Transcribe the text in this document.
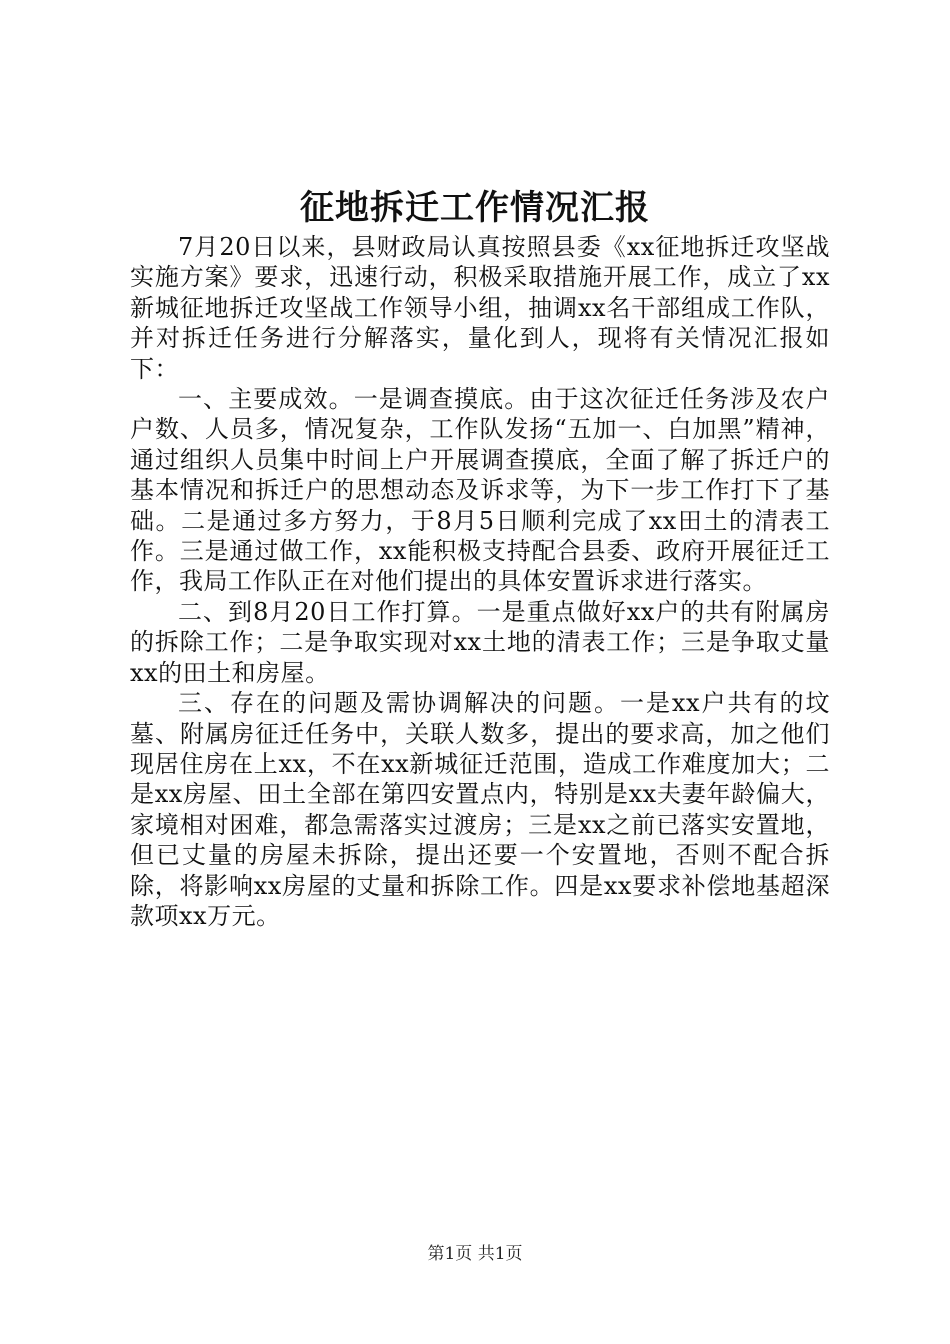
征地拆迁工作情况汇报

7月20日以来，县财政局认真按照县委《xx征地拆迁攻坚战实施方案》要求，迅速行动，积极采取措施开展工作，成立了xx新城征地拆迁攻坚战工作领导小组，抽调xx名干部组成工作队，并对拆迁任务进行分解落实，量化到人，现将有关情况汇报如下：

一、主要成效。一是调查摸底。由于这次征迁任务涉及农户户数、人员多，情况复杂，工作队发扬“五加一、白加黑”精神，通过组织人员集中时间上户开展调查摸底，全面了解了拆迁户的基本情况和拆迁户的思想动态及诉求等，为下一步工作打下了基础。二是通过多方努力，于8月5日顺利完成了xx田土的清表工作。三是通过做工作，xx能积极支持配合县委、政府开展征迁工作，我局工作队正在对他们提出的具体安置诉求进行落实。

二、到8月20日工作打算。一是重点做好xx户的共有附属房的拆除工作；二是争取实现对xx土地的清表工作；三是争取丈量xx的田土和房屋。

三、存在的问题及需协调解决的问题。一是xx户共有的坟墓、附属房征迁任务中，关联人数多，提出的要求高，加之他们现居住房在上xx，不在xx新城征迁范围，造成工作难度加大；二是xx房屋、田土全部在第四安置点内，特别是xx夫妻年龄偏大，家境相对困难，都急需落实过渡房；三是xx之前已落实安置地，但已丈量的房屋未拆除，提出还要一个安置地，否则不配合拆除，将影响xx房屋的丈量和拆除工作。四是xx要求补偿地基超深款项xx万元。

第1页 共1页
